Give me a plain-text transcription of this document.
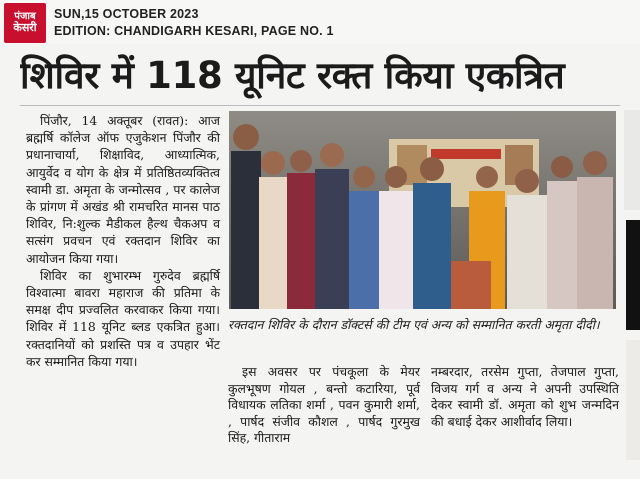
पंजाब
केसरी
SUN,15 OCTOBER 2023
EDITION: CHANDIGARH KESARI, PAGE NO. 1
शिविर में 118 यूनिट रक्त किया एकत्रित

पिंजौर, 14 अक्तूबर (रावत): आज ब्रह्मर्षि कॉलेज ऑफ एजुकेशन पिंजौर की प्रधानाचार्या, शिक्षाविद, आध्यात्मिक, आयुर्वेद व योग के क्षेत्र में प्रतिष्ठितव्यक्तित्व स्वामी डा. अमृता के जन्मोत्सव , पर कालेज के प्रांगण में अखंड श्री रामचरित मानस पाठ शिविर, नि:शुल्क मैडीकल हैल्थ चैकअप व सत्संग प्रवचन एवं रक्तदान शिविर का आयोजन किया गया।

शिविर का शुभारम्भ गुरुदेव ब्रह्मर्षि विश्वात्मा बावरा महाराज की प्रतिमा के समक्ष दीप प्रज्वलित करवाकर किया गया। शिविर में 118 यूनिट ब्लड एकत्रित हुआ। रक्तदानियों को प्रशस्ति पत्र व उपहार भेंट कर सम्मानित किया गया।

रक्तदान शिविर के दौरान डॉक्टर्स की टीम एवं अन्य को सम्मानित करती अमृता दीदी।

इस अवसर पर पंचकूला के मेयर कुलभूषण गोयल , बन्तो कटारिया, पूर्व विधायक लतिका शर्मा , पवन कुमारी शर्मा, , पार्षद संजीव कौशल , पार्षद गुरमुख सिंह, गीताराम

नम्बरदार, तरसेम गुप्ता, तेजपाल गुप्ता, विजय गर्ग व अन्य ने अपनी उपस्थिति देकर स्वामी डॉ. अमृता को शुभ जन्मदिन की बधाई देकर आशीर्वाद लिया।
